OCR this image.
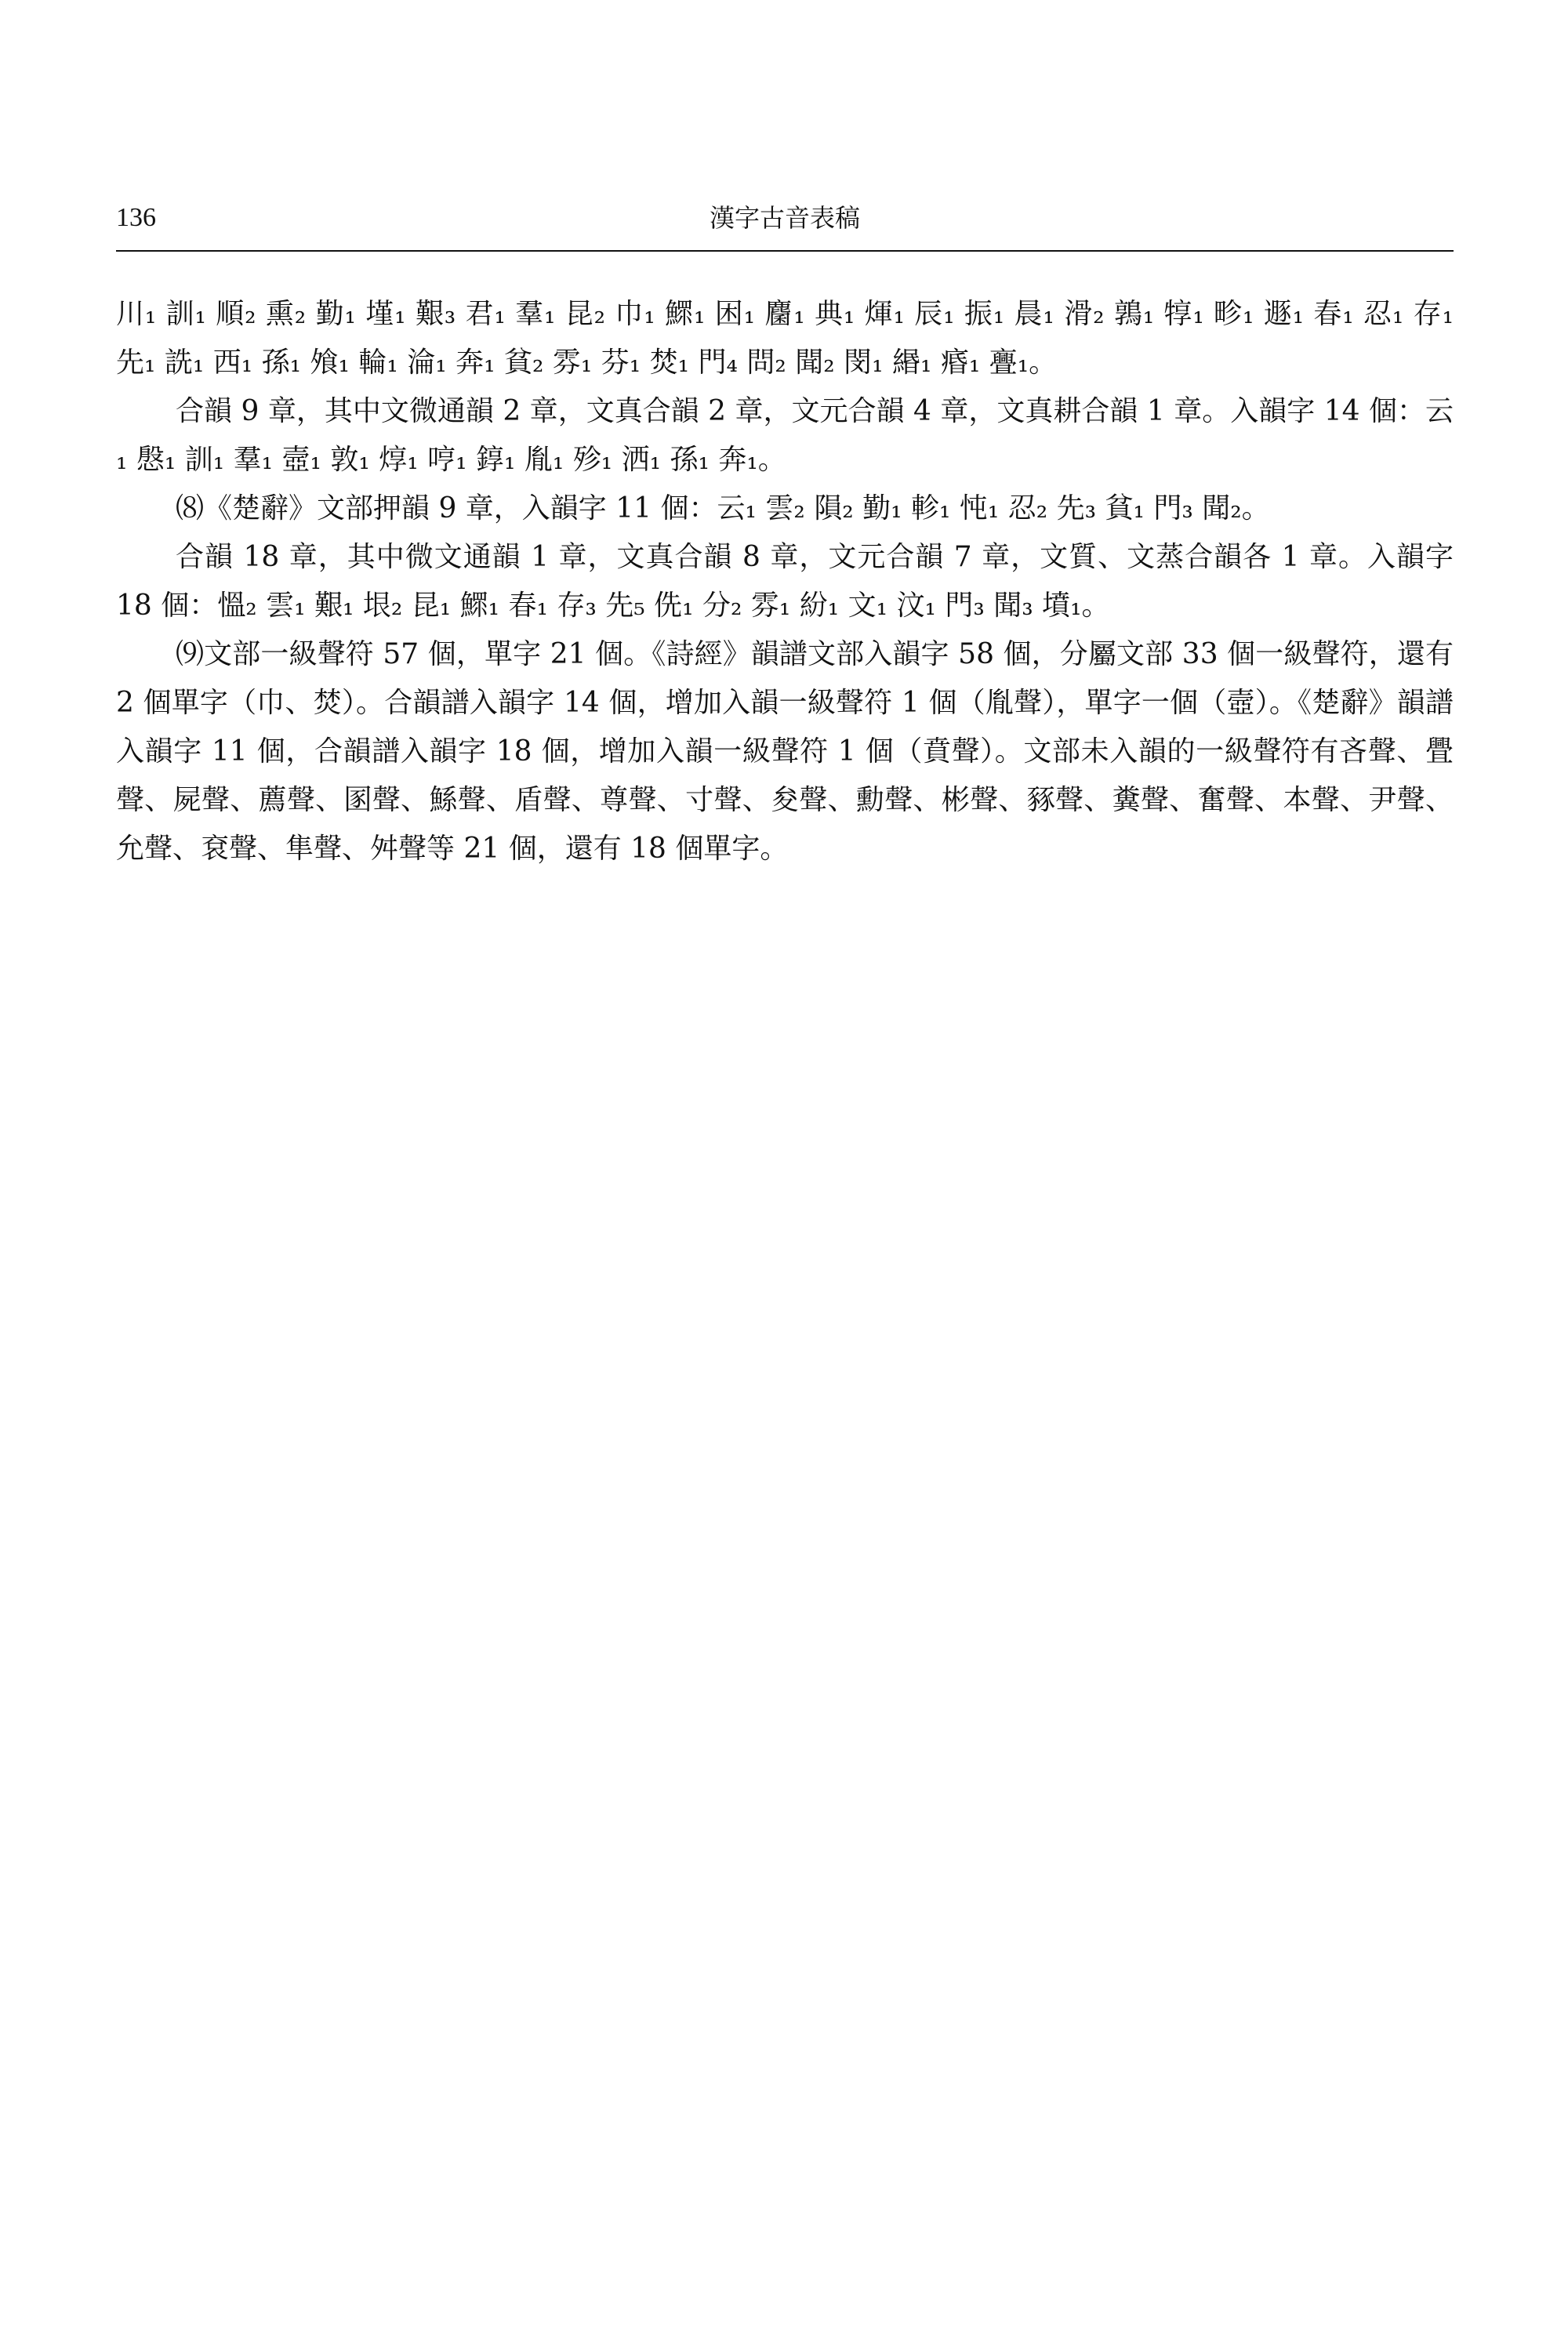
136	漢字古音表稿

川₁ 訓₁ 順₂ 熏₂ 勤₁ 墐₁ 艱₃ 君₁ 羣₁ 昆₂ 巾₁ 鰥₁ 困₁ 麕₁ 典₁ 煇₁ 辰₁ 振₁ 晨₁ 滑₂ 鶉₁ 犉₁ 畛₁ 遯₁ 春₁ 忍₁ 存₁ 先₁ 詵₁ 西₁ 孫₁ 飧₁ 輪₁ 淪₁ 奔₁ 貧₂ 雰₁ 芬₁ 焚₁ 門₄ 問₂ 聞₂ 閔₁ 緡₁ 痻₁ 亹₁。

合韻 9 章，其中文微通韻 2 章，文真合韻 2 章，文元合韻 4 章，文真耕合韻 1 章。入韻字 14 個：云₁ 慇₁ 訓₁ 羣₁ 壼₁ 敦₁ 焞₁ 哼₁ 錞₁ 胤₁ 殄₁ 洒₁ 孫₁ 奔₁。

⑻《楚辭》文部押韻 9 章，入韻字 11 個：云₁ 雲₂ 隕₂ 勤₁ 軫₁ 忳₁ 忍₂ 先₃ 貧₁ 門₃ 聞₂。

合韻 18 章，其中微文通韻 1 章，文真合韻 8 章，文元合韻 7 章，文質、文蒸合韻各 1 章。入韻字 18 個：慍₂ 雲₁ 艱₁ 垠₂ 昆₁ 鰥₁ 春₁ 存₃ 先₅ 侁₁ 分₂ 雰₁ 紛₁ 文₁ 汶₁ 門₃ 聞₃ 墳₁。

⑼文部一級聲符 57 個，單字 21 個。《詩經》韻譜文部入韻字 58 個，分屬文部 33 個一級聲符，還有 2 個單字（巾、焚）。合韻譜入韻字 14 個，增加入韻一級聲符 1 個（胤聲），單字一個（壼）。《楚辭》韻譜入韻字 11 個，合韻譜入韻字 18 個，增加入韻一級聲符 1 個（賁聲）。文部未入韻的一級聲符有吝聲、舋聲、屍聲、薦聲、圂聲、鯀聲、盾聲、尊聲、寸聲、夋聲、勳聲、彬聲、豩聲、糞聲、奮聲、本聲、尹聲、允聲、袞聲、隼聲、舛聲等 21 個，還有 18 個單字。
